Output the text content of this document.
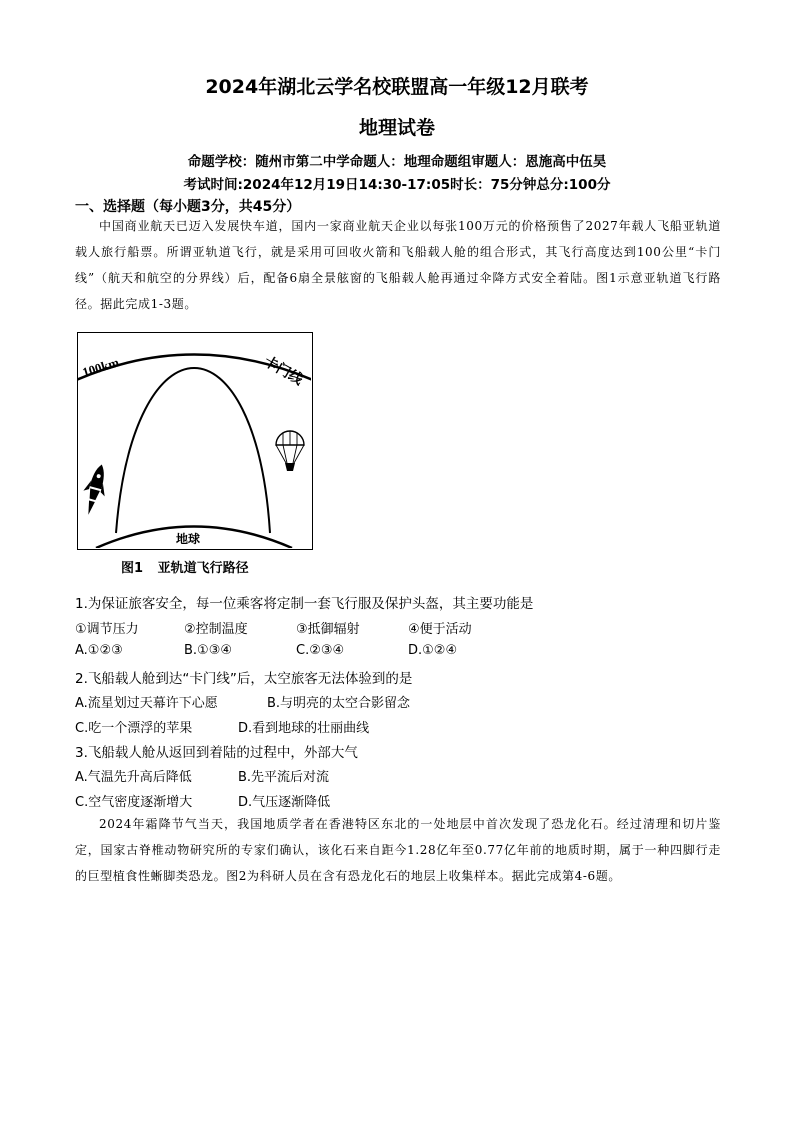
2024年湖北云学名校联盟高一年级12月联考
地理试卷
命题学校：随州市第二中学命题人：地理命题组审题人：恩施高中伍昊
考试时间:2024年12月19日14:30-17:05时长：75分钟总分:100分
一、选择题（每小题3分，共45分）
中国商业航天已迈入发展快车道，国内一家商业航天企业以每张100万元的价格预售了2027年载人飞船亚轨道载人旅行船票。所谓亚轨道飞行，就是采用可回收火箭和飞船载人舱的组合形式，其飞行高度达到100公里“卡门线”（航天和航空的分界线）后，配备6扇全景舷窗的飞船载人舱再通过伞降方式安全着陆。图1示意亚轨道飞行路径。据此完成1-3题。
100km	卡门线
地球
图1 亚轨道飞行路径
1.为保证旅客安全，每一位乘客将定制一套飞行服及保护头盔，其主要功能是
①调节压力	②控制温度	③抵御辐射	④便于活动
A.①②③	B.①③④	C.②③④	D.①②④
2.飞船载人舱到达“卡门线”后，太空旅客无法体验到的是
A.流星划过天幕许下心愿	B.与明亮的太空合影留念
C.吃一个漂浮的苹果	D.看到地球的壮丽曲线
3.飞船载人舱从返回到着陆的过程中，外部大气
A.气温先升高后降低	B.先平流后对流
C.空气密度逐渐增大	D.气压逐渐降低
2024年霜降节气当天，我国地质学者在香港特区东北的一处地层中首次发现了恐龙化石。经过清理和切片鉴定，国家古脊椎动物研究所的专家们确认，该化石来自距今1.28亿年至0.77亿年前的地质时期，属于一种四脚行走的巨型植食性蜥脚类恐龙。图2为科研人员在含有恐龙化石的地层上收集样本。据此完成第4-6题。
